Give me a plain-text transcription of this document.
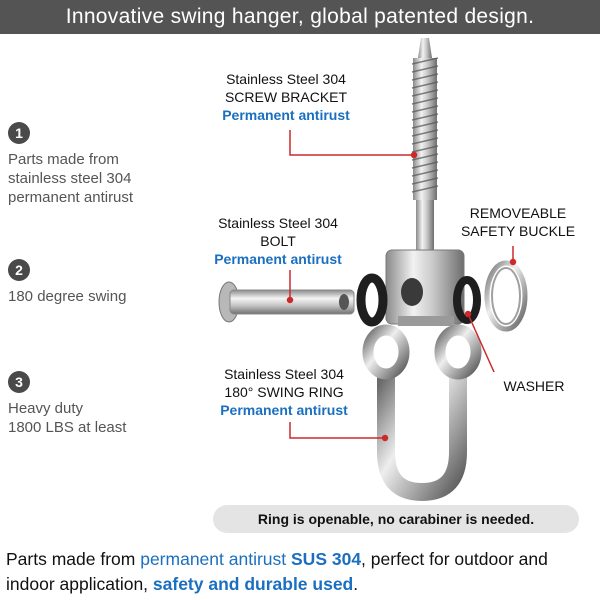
Innovative swing hanger, global patented design.
1
Parts made from
stainless steel 304
permanent antirust
2
180 degree swing
3
Heavy duty
1800 LBS at least
Stainless Steel 304
SCREW BRACKET
Permanent antirust
Stainless Steel 304
BOLT
Permanent antirust
Stainless Steel 304
180° SWING RING
Permanent antirust
REMOVEABLE
SAFETY BUCKLE
WASHER
Ring is openable, no carabiner is needed.
Parts made from permanent antirust SUS 304, perfect for outdoor and indoor application, safety and durable used.
